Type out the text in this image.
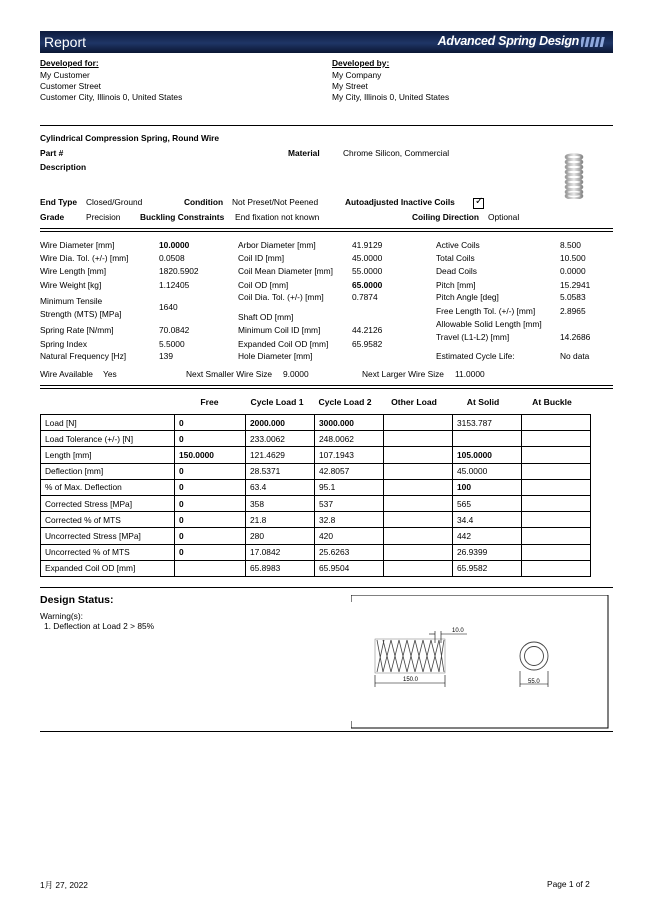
Report	Advanced Spring Design
Developed for:
My Customer
Customer Street
Customer City, Illinois 0, United States
Developed by:
My Company
My Street
My City, Illinois 0, United States
Cylindrical Compression Spring, Round Wire
Part #
Description
Material	Chrome Silicon, Commercial
End Type Closed/Ground	Condition Not Preset/Not Peened	Autoadjusted Inactive Coils ✓
Grade	Precision Buckling Constraints End fixation not known	Coiling Direction Optional
Wire Diameter [mm]	10.0000
Wire Dia. Tol. (+/-) [mm]	0.0508
Wire Length [mm]	1820.5902
Wire Weight [kg]	1.12405
Minimum Tensile
Strength (MTS) [MPa]
1640
Spring Rate [N/mm]	70.0842
Spring Index	5.5000
Natural Frequency [Hz]	139
Arbor Diameter [mm]	41.9129
Coil ID [mm]	45.0000
Coil Mean Diameter [mm] 55.0000
Coil OD [mm]	65.0000
Coil Dia. Tol. (+/-) [mm]	0.7874
Shaft OD [mm]
Minimum Coil ID [mm]	44.2126
Expanded Coil OD [mm]	65.9582
Hole Diameter [mm]
Active Coils	8.500
Total Coils	10.500
Dead Coils	0.0000
Pitch [mm]	15.2941
Pitch Angle [deg]	5.0583
Free Length Tol. (+/-) [mm]	2.8965
Allowable Solid Length [mm]
Travel (L1-L2) [mm]	14.2686
Estimated Cycle Life:	No data
Wire Available Yes	Next Smaller Wire Size 9.0000	Next Larger Wire Size 11.0000
Free	Cycle Load 1	Cycle Load 2	Other Load	At Solid	At Buckle
Load [N]	0	2000.000	3000.000		3153.787	
Load Tolerance (+/-) [N]	0	233.0062	248.0062			
Length [mm]	150.0000	121.4629	107.1943		105.0000	
Deflection [mm]	0	28.5371	42.8057		45.0000	
% of Max. Deflection	0	63.4	95.1		100	
Corrected Stress [MPa]	0	358	537		565	
Corrected % of MTS	0	21.8	32.8		34.4	
Uncorrected Stress [MPa]	0	280	420		442	
Uncorrected % of MTS	0	17.0842	25.6263		26.9399	
Expanded Coil OD [mm]		65.8983	65.9504		65.9582	
Design Status:
Warning(s):
1. Deflection at Load 2 > 85%	10.0
150.0	55.0
1月 27, 2022	Page 1 of 2
